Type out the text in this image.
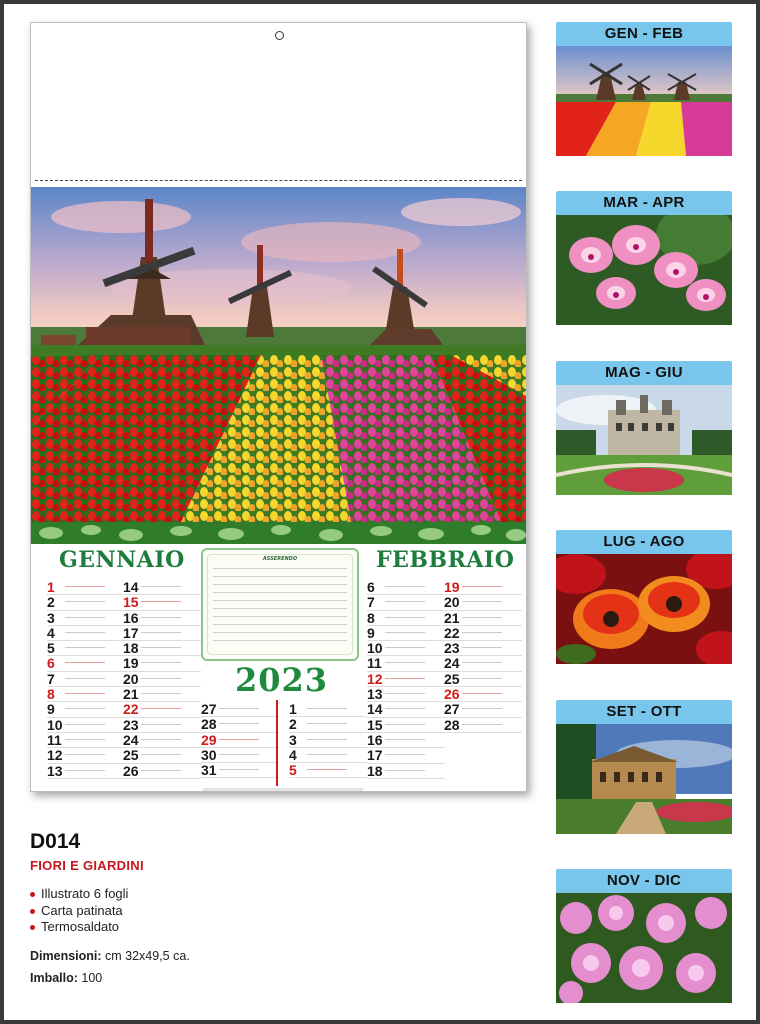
GENNAIO	FEBBRAIO
1
2
3
4
5
6
7
8
9
10
11
12
13
14
15
16
17
18
19
20
21
22
23
24
25
26
27
28
29
30
31
1
2
3
4
5
6
7
8
9
10
11
12
13
14
15
16
17
18
19
20
21
22
23
24
25
26
27
28
ASSERENDO
2023
GEN - FEB
MAR - APR
MAG - GIU
LUG - AGO
SET - OTT
NOV - DIC
D014
FIORI E GIARDINI
Illustrato 6 fogli
Carta patinata
Termosaldato
Dimensioni: cm 32x49,5 ca.
Imballo: 100
